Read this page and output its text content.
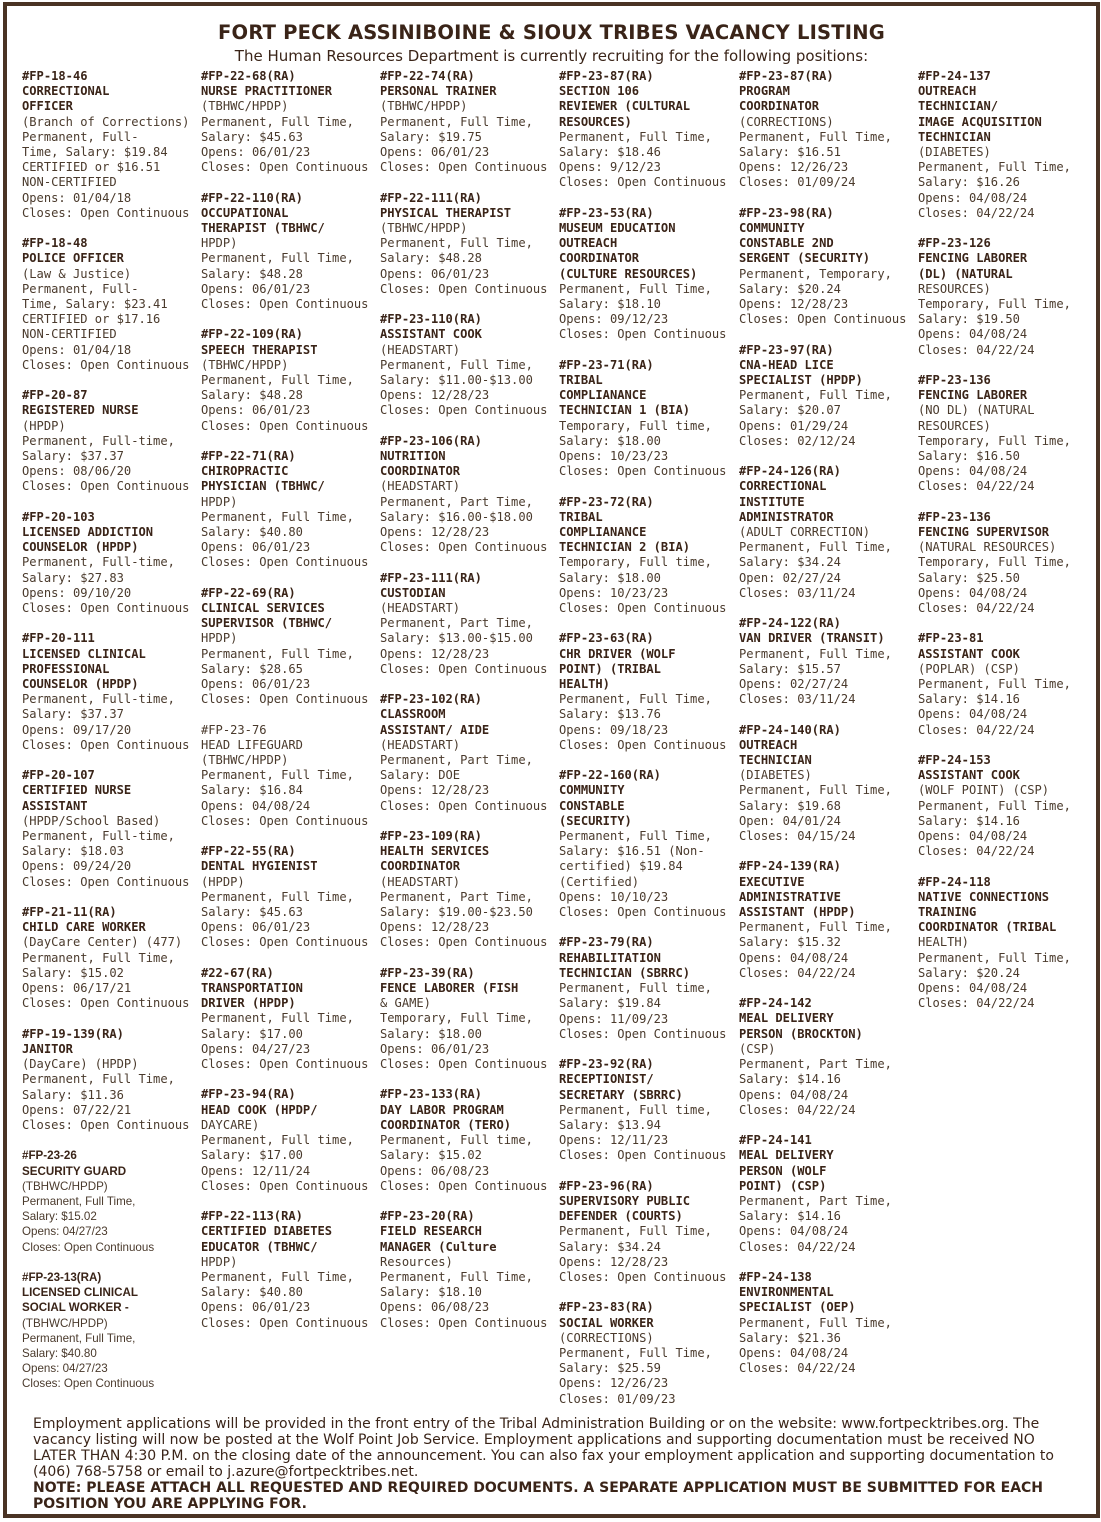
FORT PECK ASSINIBOINE & SIOUX TRIBES VACANCY LISTING
The Human Resources Department is currently recruiting for the following positions:
#FP-18-46
CORRECTIONAL
OFFICER
(Branch of Corrections)
Permanent, Full-
Time, Salary: $19.84
CERTIFIED or $16.51
NON-CERTIFIED
Opens: 01/04/18
Closes: Open Continuous
#FP-18-48
POLICE OFFICER
(Law & Justice)
Permanent, Full-
Time, Salary: $23.41
CERTIFIED or $17.16
NON-CERTIFIED
Opens: 01/04/18
Closes: Open Continuous
#FP-20-87
REGISTERED NURSE
(HPDP)
Permanent, Full-time,
Salary: $37.37
Opens: 08/06/20
Closes: Open Continuous
#FP-20-103
LICENSED ADDICTION
COUNSELOR (HPDP)
Permanent, Full-time,
Salary: $27.83
Opens: 09/10/20
Closes: Open Continuous
#FP-20-111
LICENSED CLINICAL
PROFESSIONAL
COUNSELOR (HPDP)
Permanent, Full-time,
Salary: $37.37
Opens: 09/17/20
Closes: Open Continuous
#FP-20-107
CERTIFIED NURSE
ASSISTANT
(HPDP/School Based)
Permanent, Full-time,
Salary: $18.03
Opens: 09/24/20
Closes: Open Continuous
#FP-21-11(RA)
CHILD CARE WORKER
(DayCare Center) (477)
Permanent, Full Time,
Salary: $15.02
Opens: 06/17/21
Closes: Open Continuous
#FP-19-139(RA)
JANITOR
(DayCare) (HPDP)
Permanent, Full Time,
Salary: $11.36
Opens: 07/22/21
Closes: Open Continuous
#FP-23-26
SECURITY GUARD
(TBHWC/HPDP)
Permanent, Full Time,
Salary: $15.02
Opens: 04/27/23
Closes: Open Continuous
#FP-23-13(RA)
LICENSED CLINICAL
SOCIAL WORKER -
(TBHWC/HPDP)
Permanent, Full Time,
Salary: $40.80
Opens: 04/27/23
Closes: Open Continuous
#FP-22-68(RA)
NURSE PRACTITIONER
(TBHWC/HPDP)
Permanent, Full Time,
Salary: $45.63
Opens: 06/01/23
Closes: Open Continuous
#FP-22-110(RA)
OCCUPATIONAL
THERAPIST (TBHWC/
HPDP)
Permanent, Full Time,
Salary: $48.28
Opens: 06/01/23
Closes: Open Continuous
#FP-22-109(RA)
SPEECH THERAPIST
(TBHWC/HPDP)
Permanent, Full Time,
Salary: $48.28
Opens: 06/01/23
Closes: Open Continuous
#FP-22-71(RA)
CHIROPRACTIC
PHYSICIAN (TBHWC/
HPDP)
Permanent, Full Time,
Salary: $40.80
Opens: 06/01/23
Closes: Open Continuous
#FP-22-69(RA)
CLINICAL SERVICES
SUPERVISOR (TBHWC/
HPDP)
Permanent, Full Time,
Salary: $28.65
Opens: 06/01/23
Closes: Open Continuous
#FP-23-76
HEAD LIFEGUARD
(TBHWC/HPDP)
Permanent, Full Time,
Salary: $16.84
Opens: 04/08/24
Closes: Open Continuous
#FP-22-55(RA)
DENTAL HYGIENIST
(HPDP)
Permanent, Full Time,
Salary: $45.63
Opens: 06/01/23
Closes: Open Continuous
#22-67(RA)
TRANSPORTATION
DRIVER (HPDP)
Permanent, Full Time,
Salary: $17.00
Opens: 04/27/23
Closes: Open Continuous
#FP-23-94(RA)
HEAD COOK (HPDP/
DAYCARE)
Permanent, Full time,
Salary: $17.00
Opens: 12/11/24
Closes: Open Continuous
#FP-22-113(RA)
CERTIFIED DIABETES
EDUCATOR (TBHWC/
HPDP)
Permanent, Full Time,
Salary: $40.80
Opens: 06/01/23
Closes: Open Continuous
#FP-22-74(RA)
PERSONAL TRAINER
(TBHWC/HPDP)
Permanent, Full Time,
Salary: $19.75
Opens: 06/01/23
Closes: Open Continuous
#FP-22-111(RA)
PHYSICAL THERAPIST
(TBHWC/HPDP)
Permanent, Full Time,
Salary: $48.28
Opens: 06/01/23
Closes: Open Continuous
#FP-23-110(RA)
ASSISTANT COOK
(HEADSTART)
Permanent, Full Time,
Salary: $11.00-$13.00
Opens: 12/28/23
Closes: Open Continuous
#FP-23-106(RA)
NUTRITION
COORDINATOR
(HEADSTART)
Permanent, Part Time,
Salary: $16.00-$18.00
Opens: 12/28/23
Closes: Open Continuous
#FP-23-111(RA)
CUSTODIAN
(HEADSTART)
Permanent, Part Time,
Salary: $13.00-$15.00
Opens: 12/28/23
Closes: Open Continuous
#FP-23-102(RA)
CLASSROOM
ASSISTANT/ AIDE
(HEADSTART)
Permanent, Part Time,
Salary: DOE
Opens: 12/28/23
Closes: Open Continuous
#FP-23-109(RA)
HEALTH SERVICES
COORDINATOR
(HEADSTART)
Permanent, Part Time,
Salary: $19.00-$23.50
Opens: 12/28/23
Closes: Open Continuous
#FP-23-39(RA)
FENCE LABORER (FISH
& GAME)
Temporary, Full Time,
Salary: $18.00
Opens: 06/01/23
Closes: Open Continuous
#FP-23-133(RA)
DAY LABOR PROGRAM
COORDINATOR (TERO)
Permanent, Full time,
Salary: $15.02
Opens: 06/08/23
Closes: Open Continuous
#FP-23-20(RA)
FIELD RESEARCH
MANAGER (Culture
Resources)
Permanent, Full Time,
Salary: $18.10
Opens: 06/08/23
Closes: Open Continuous
#FP-23-87(RA)
SECTION 106
REVIEWER (CULTURAL
RESOURCES)
Permanent, Full Time,
Salary: $18.46
Opens: 9/12/23
Closes: Open Continuous
#FP-23-53(RA)
MUSEUM EDUCATION
OUTREACH
COORDINATOR
(CULTURE RESOURCES)
Permanent, Full Time,
Salary: $18.10
Opens: 09/12/23
Closes: Open Continuous
#FP-23-71(RA)
TRIBAL
COMPLIANANCE
TECHNICIAN 1 (BIA)
Temporary, Full time,
Salary: $18.00
Opens: 10/23/23
Closes: Open Continuous
#FP-23-72(RA)
TRIBAL
COMPLIANANCE
TECHNICIAN 2 (BIA)
Temporary, Full time,
Salary: $18.00
Opens: 10/23/23
Closes: Open Continuous
#FP-23-63(RA)
CHR DRIVER (WOLF
POINT) (TRIBAL
HEALTH)
Permanent, Full Time,
Salary: $13.76
Opens: 09/18/23
Closes: Open Continuous
#FP-22-160(RA)
COMMUNITY
CONSTABLE
(SECURITY)
Permanent, Full Time,
Salary: $16.51 (Non-
certified) $19.84
(Certified)
Opens: 10/10/23
Closes: Open Continuous
#FP-23-79(RA)
REHABILITATION
TECHNICIAN (SBRRC)
Permanent, Full time,
Salary: $19.84
Opens: 11/09/23
Closes: Open Continuous
#FP-23-92(RA)
RECEPTIONIST/
SECRETARY (SBRRC)
Permanent, Full time,
Salary: $13.94
Opens: 12/11/23
Closes: Open Continuous
#FP-23-96(RA)
SUPERVISORY PUBLIC
DEFENDER (COURTS)
Permanent, Full Time,
Salary: $34.24
Opens: 12/28/23
Closes: Open Continuous
#FP-23-83(RA)
SOCIAL WORKER
(CORRECTIONS)
Permanent, Full Time,
Salary: $25.59
Opens: 12/26/23
Closes: 01/09/23
#FP-23-87(RA)
PROGRAM
COORDINATOR
(CORRECTIONS)
Permanent, Full Time,
Salary: $16.51
Opens: 12/26/23
Closes: 01/09/24
#FP-23-98(RA)
COMMUNITY
CONSTABLE 2ND
SERGENT (SECURITY)
Permanent, Temporary,
Salary: $20.24
Opens: 12/28/23
Closes: Open Continuous
#FP-23-97(RA)
CNA-HEAD LICE
SPECIALIST (HPDP)
Permanent, Full Time,
Salary: $20.07
Opens: 01/29/24
Closes: 02/12/24
#FP-24-126(RA)
CORRECTIONAL
INSTITUTE
ADMINISTRATOR
(ADULT CORRECTION)
Permanent, Full Time,
Salary: $34.24
Open: 02/27/24
Closes: 03/11/24
#FP-24-122(RA)
VAN DRIVER (TRANSIT)
Permanent, Full Time,
Salary: $15.57
Opens: 02/27/24
Closes: 03/11/24
#FP-24-140(RA)
OUTREACH
TECHNICIAN
(DIABETES)
Permanent, Full Time,
Salary: $19.68
Open: 04/01/24
Closes: 04/15/24
#FP-24-139(RA)
EXECUTIVE
ADMINISTRATIVE
ASSISTANT (HPDP)
Permanent, Full Time,
Salary: $15.32
Opens: 04/08/24
Closes: 04/22/24
#FP-24-142
MEAL DELIVERY
PERSON (BROCKTON)
(CSP)
Permanent, Part Time,
Salary: $14.16
Opens: 04/08/24
Closes: 04/22/24
#FP-24-141
MEAL DELIVERY
PERSON (WOLF
POINT) (CSP)
Permanent, Part Time,
Salary: $14.16
Opens: 04/08/24
Closes: 04/22/24
#FP-24-138
ENVIRONMENTAL
SPECIALIST (OEP)
Permanent, Full Time,
Salary: $21.36
Opens: 04/08/24
Closes: 04/22/24
#FP-24-137
OUTREACH
TECHNICIAN/
IMAGE ACQUISITION
TECHNICIAN
(DIABETES)
Permanent, Full Time,
Salary: $16.26
Opens: 04/08/24
Closes: 04/22/24
#FP-23-126
FENCING LABORER
(DL) (NATURAL
RESOURCES)
Temporary, Full Time,
Salary: $19.50
Opens: 04/08/24
Closes: 04/22/24
#FP-23-136
FENCING LABORER
(NO DL) (NATURAL
RESOURCES)
Temporary, Full Time,
Salary: $16.50
Opens: 04/08/24
Closes: 04/22/24
#FP-23-136
FENCING SUPERVISOR
(NATURAL RESOURCES)
Temporary, Full Time,
Salary: $25.50
Opens: 04/08/24
Closes: 04/22/24
#FP-23-81
ASSISTANT COOK
(POPLAR) (CSP)
Permanent, Full Time,
Salary: $14.16
Opens: 04/08/24
Closes: 04/22/24
#FP-24-153
ASSISTANT COOK
(WOLF POINT) (CSP)
Permanent, Full Time,
Salary: $14.16
Opens: 04/08/24
Closes: 04/22/24
#FP-24-118
NATIVE CONNECTIONS
TRAINING
COORDINATOR (TRIBAL
HEALTH)
Permanent, Full Time,
Salary: $20.24
Opens: 04/08/24
Closes: 04/22/24
Employment applications will be provided in the front entry of the Tribal Administration Building or on the website: www.fortpecktribes.org. The vacancy listing will now be posted at the Wolf Point Job Service. Employment applications and supporting documentation must be received NO LATER THAN 4:30 P.M. on the closing date of the announcement. You can also fax your employment application and supporting documentation to (406) 768-5758 or email to j.azure@fortpecktribes.net.
NOTE: PLEASE ATTACH ALL REQUESTED AND REQUIRED DOCUMENTS. A SEPARATE APPLICATION MUST BE SUBMITTED FOR EACH POSITION YOU ARE APPLYING FOR.
